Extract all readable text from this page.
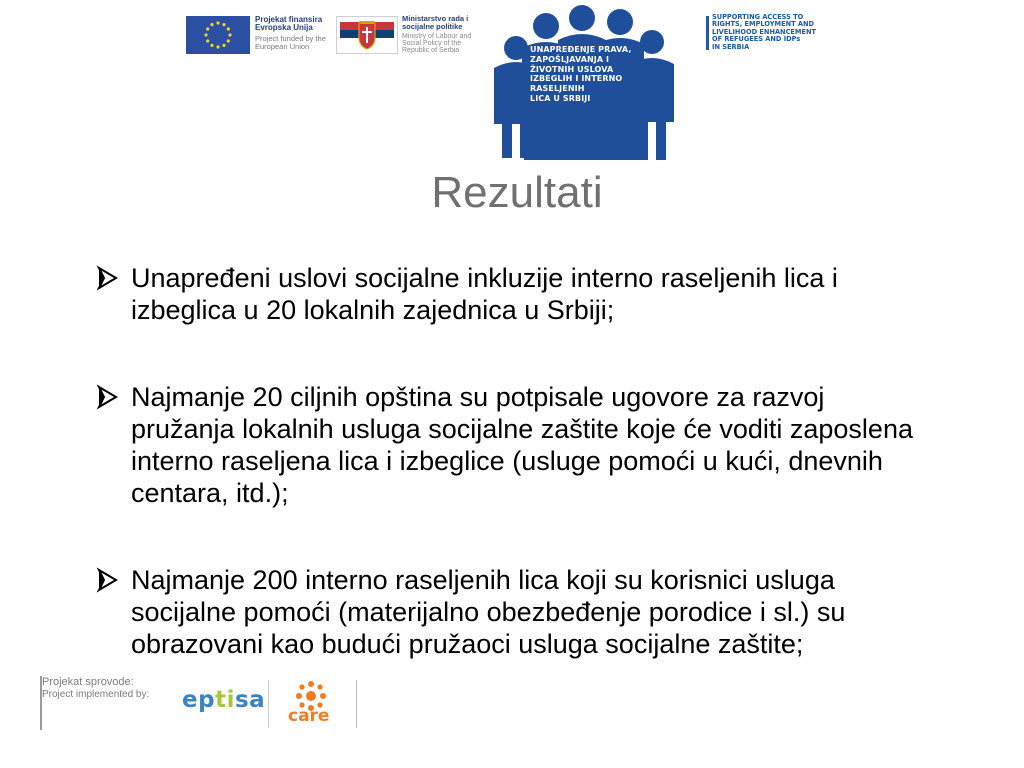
Projekat finansira Evropska Unija
Project funded by the European Union
Ministarstvo rada i socijalne politike
Ministry of Labour and Social Policy of the Republic of Serbia	UNAPREĐENJE PRAVA,
ZAPOŠLJAVANJA I
ŽIVOTNIH USLOVA
IZBEGLIH I INTERNO
RASELJENIH
LICA U SRBIJI
SUPPORTING ACCESS TO
RIGHTS, EMPLOYMENT AND
LIVELIHOOD ENHANCEMENT
OF REFUGEES AND IDPs
IN SERBIA
Rezultati
Unapređeni uslovi socijalne inkluzije interno raseljenih lica i izbeglica u 20 lokalnih zajednica u Srbiji;
Najmanje 20 ciljnih opština su potpisale ugovore za razvoj pružanja lokalnih usluga socijalne zaštite koje će voditi zaposlena interno raseljena lica i izbeglice (usluge pomoći u kući, dnevnih centara, itd.);
Najmanje 200 interno raseljenih lica koji su korisnici usluga socijalne pomoći (materijalno obezbeđenje porodice i sl.) su obrazovani kao budući pružaoci usluga socijalne zaštite;
Projekat sprovode:
Project implemented by:	eptisa
care
